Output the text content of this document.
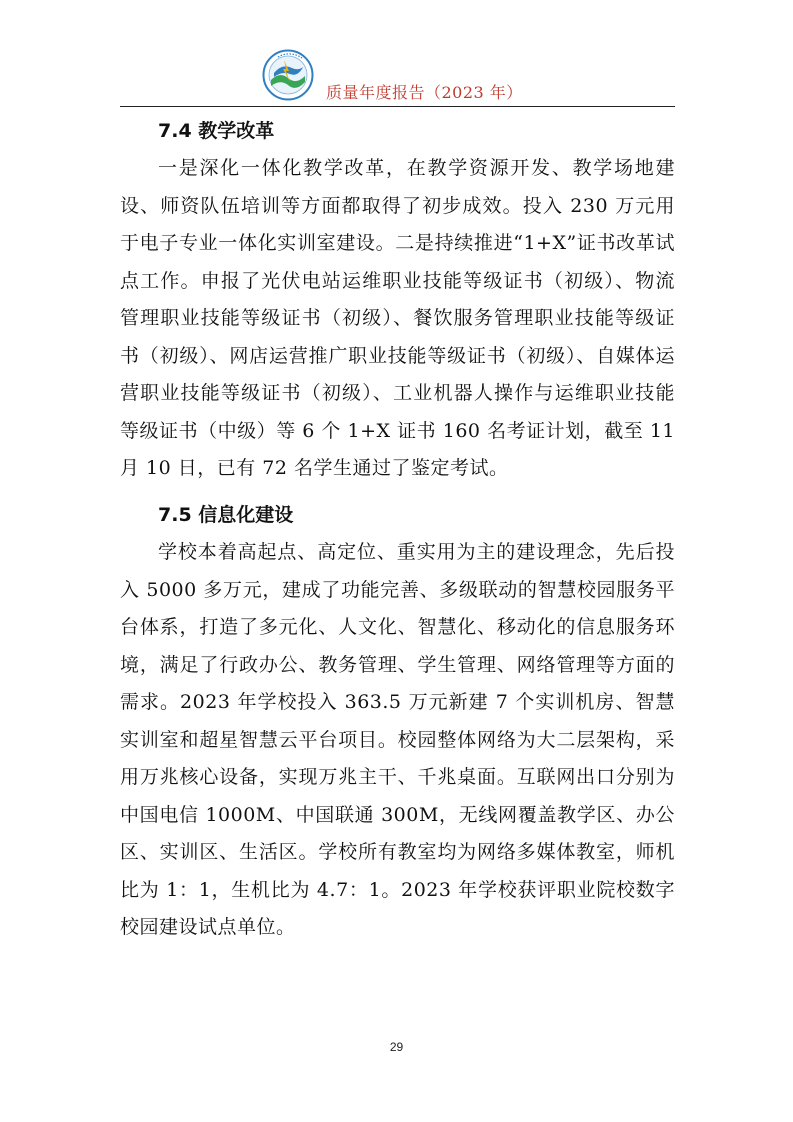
质量年度报告（2023 年）
7.4 教学改革

一是深化一体化教学改革，在教学资源开发、教学场地建设、师资队伍培训等方面都取得了初步成效。投入 230 万元用于电子专业一体化实训室建设。二是持续推进“1+X”证书改革试点工作。申报了光伏电站运维职业技能等级证书（初级）、物流管理职业技能等级证书（初级）、餐饮服务管理职业技能等级证书（初级）、网店运营推广职业技能等级证书（初级）、自媒体运营职业技能等级证书（初级）、工业机器人操作与运维职业技能等级证书（中级）等 6 个 1+X 证书 160 名考证计划，截至 11 月 10 日，已有 72 名学生通过了鉴定考试。

7.5 信息化建设

学校本着高起点、高定位、重实用为主的建设理念，先后投入 5000 多万元，建成了功能完善、多级联动的智慧校园服务平台体系，打造了多元化、人文化、智慧化、移动化的信息服务环境，满足了行政办公、教务管理、学生管理、网络管理等方面的需求。2023 年学校投入 363.5 万元新建 7 个实训机房、智慧实训室和超星智慧云平台项目。校园整体网络为大二层架构，采用万兆核心设备，实现万兆主干、千兆桌面。互联网出口分别为中国电信 1000M、中国联通 300M，无线网覆盖教学区、办公区、实训区、生活区。学校所有教室均为网络多媒体教室，师机比为 1：1，生机比为 4.7：1。2023 年学校获评职业院校数字校园建设试点单位。

29
